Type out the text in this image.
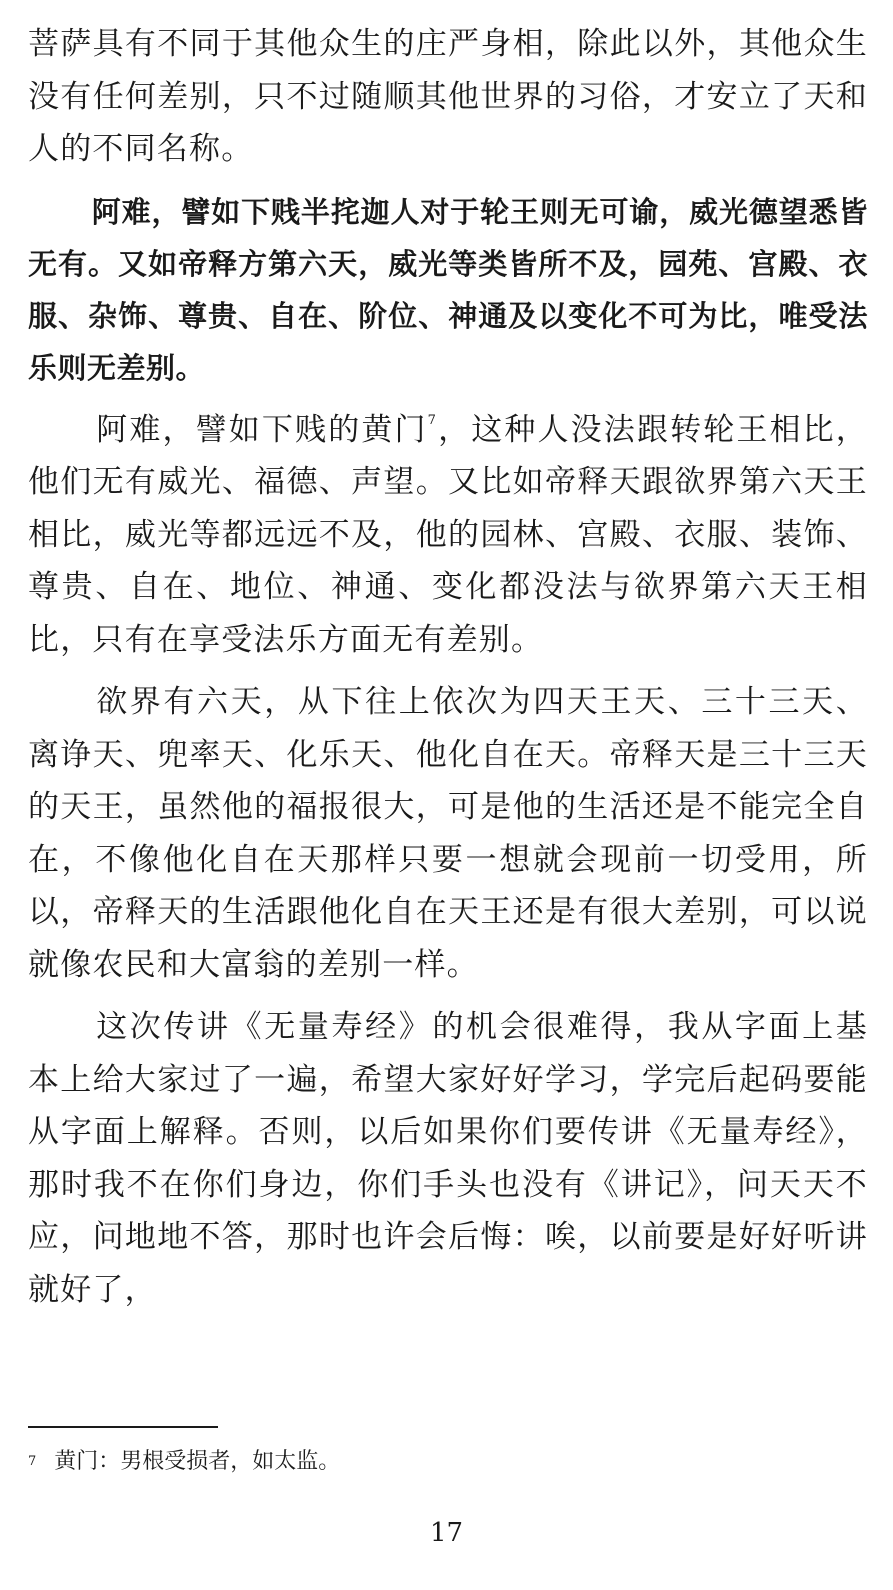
菩萨具有不同于其他众生的庄严身相，除此以外，其他众生没有任何差别，只不过随顺其他世界的习俗，才安立了天和人的不同名称。

阿难，譬如下贱半挓迦人对于轮王则无可谕，威光德望悉皆无有。又如帝释方第六天，威光等类皆所不及，园苑、宫殿、衣服、杂饰、尊贵、自在、阶位、神通及以变化不可为比，唯受法乐则无差别。

阿难，譬如下贱的黄门$^7$，这种人没法跟转轮王相比，他们无有威光、福德、声望。又比如帝释天跟欲界第六天王相比，威光等都远远不及，他的园林、宫殿、衣服、装饰、尊贵、自在、地位、神通、变化都没法与欲界第六天王相比，只有在享受法乐方面无有差别。

欲界有六天，从下往上依次为四天王天、三十三天、离诤天、兜率天、化乐天、他化自在天。帝释天是三十三天的天王，虽然他的福报很大，可是他的生活还是不能完全自在，不像他化自在天那样只要一想就会现前一切受用，所以，帝释天的生活跟他化自在天王还是有很大差别，可以说就像农民和大富翁的差别一样。

这次传讲《无量寿经》的机会很难得，我从字面上基本上给大家过了一遍，希望大家好好学习，学完后起码要能从字面上解释。否则，以后如果你们要传讲《无量寿经》，那时我不在你们身边，你们手头也没有《讲记》，问天天不应，问地地不答，那时也许会后悔：唉，以前要是好好听讲就好了，

$^7$ 黄门：男根受损者，如太监。
17
